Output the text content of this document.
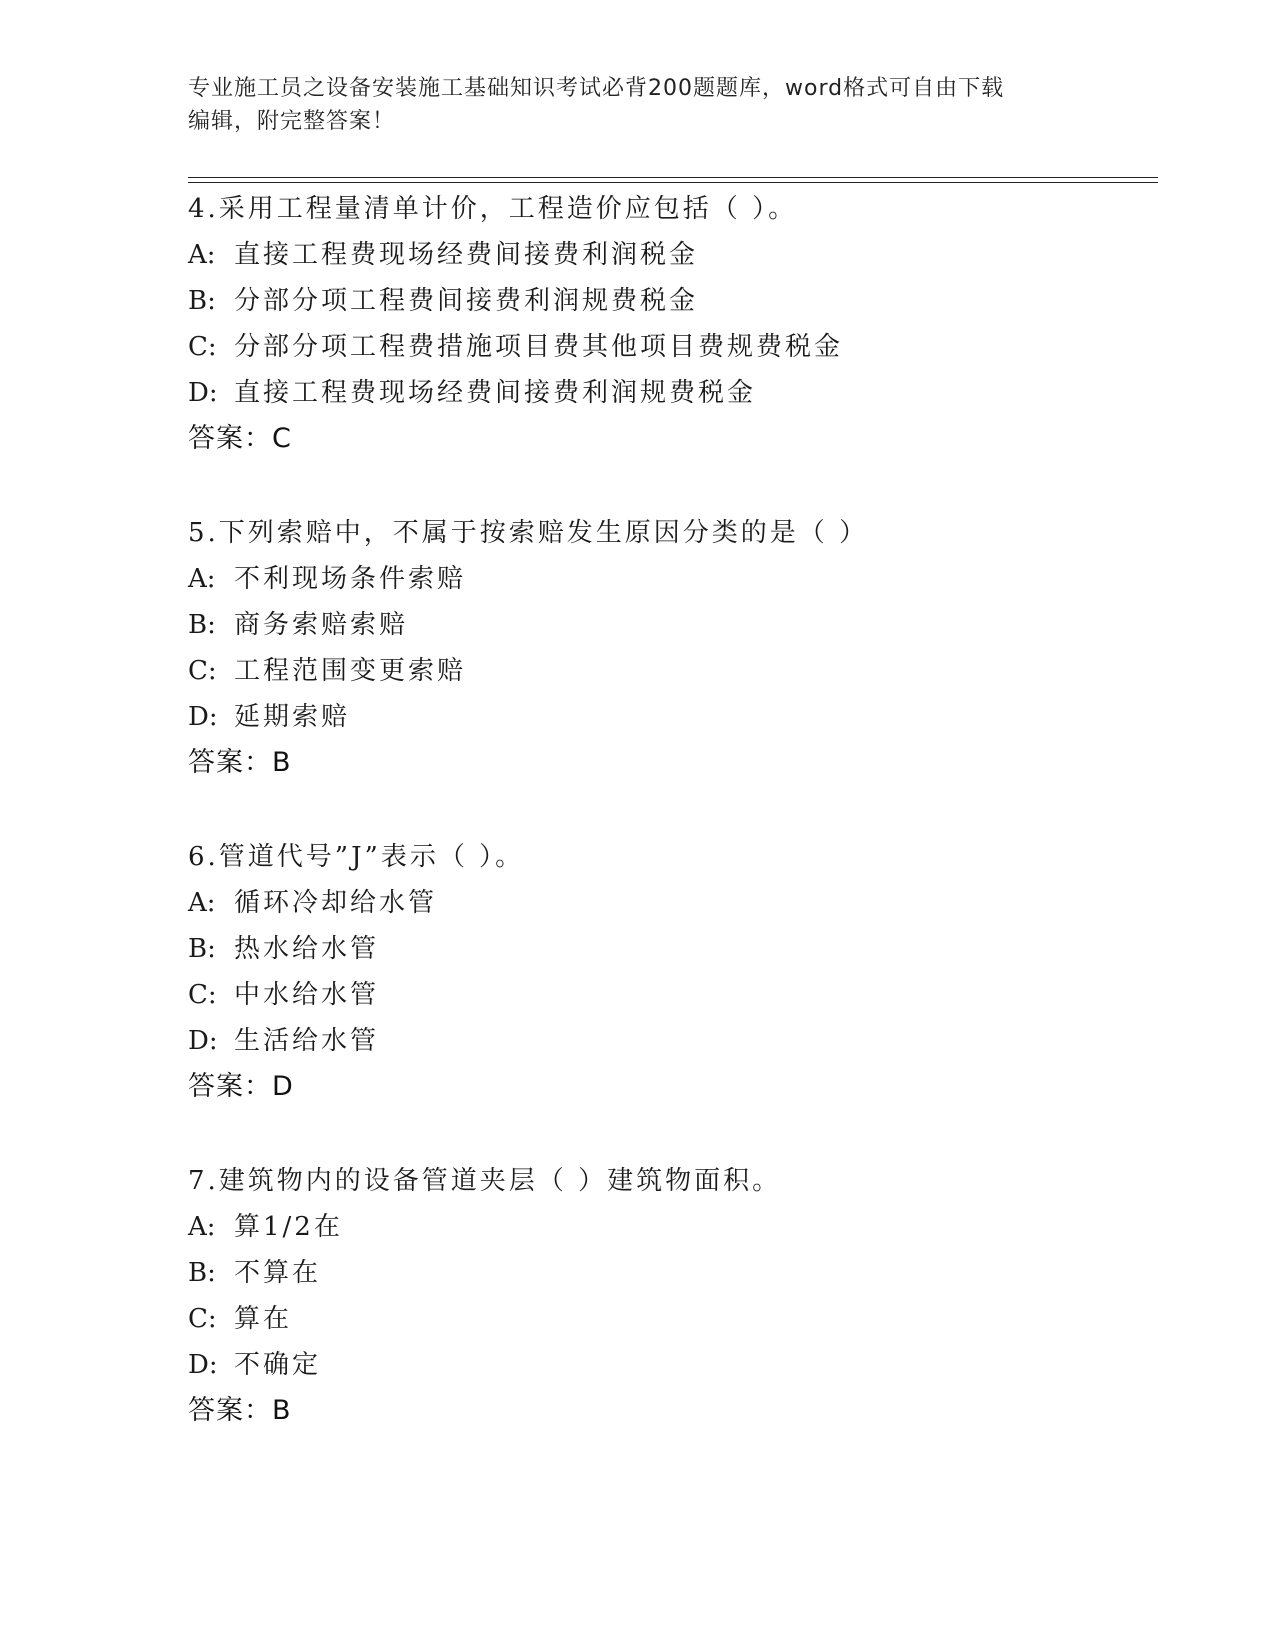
专业施工员之设备安装施工基础知识考试必背200题题库，word格式可自由下载
编辑，附完整答案！
4.采用工程量清单计价，工程造价应包括（ ）。
A: 直接工程费现场经费间接费利润税金
B: 分部分项工程费间接费利润规费税金
C: 分部分项工程费措施项目费其他项目费规费税金
D: 直接工程费现场经费间接费利润规费税金
答案：C
5.下列索赔中，不属于按索赔发生原因分类的是（ ）
A: 不利现场条件索赔
B: 商务索赔索赔
C: 工程范围变更索赔
D: 延期索赔
答案：B
6.管道代号”J”表示（ ）。
A: 循环冷却给水管
B: 热水给水管
C: 中水给水管
D: 生活给水管
答案：D
7.建筑物内的设备管道夹层（ ）建筑物面积。
A: 算1/2在
B: 不算在
C: 算在
D: 不确定
答案：B
